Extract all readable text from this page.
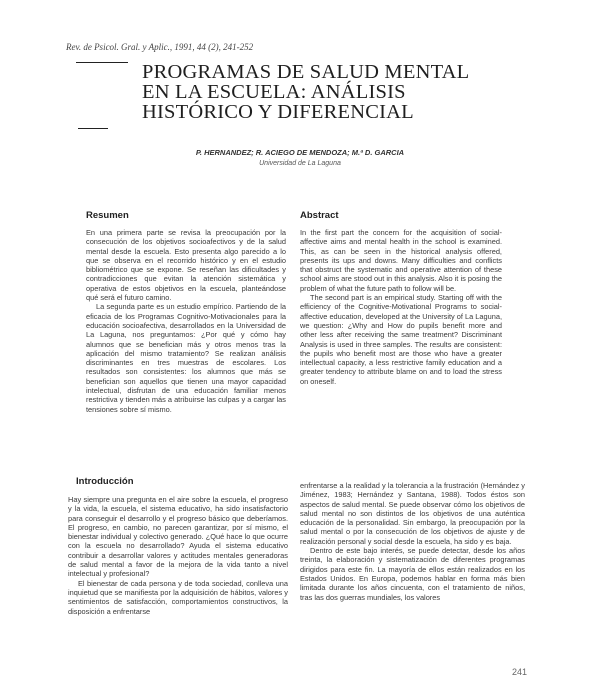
Rev. de Psicol. Gral. y Aplic., 1991, 44 (2), 241-252
PROGRAMAS DE SALUD MENTAL
EN LA ESCUELA: ANÁLISIS
HISTÓRICO Y DIFERENCIAL
P. HERNANDEZ; R. ACIEGO DE MENDOZA; M.ª D. GARCIA
Universidad de La Laguna
Resumen

En una primera parte se revisa la preocupación por la consecución de los objetivos socioafectivos y de la salud mental desde la escuela. Esto presenta algo parecido a lo que se observa en el recorrido histórico y en el estudio bibliométrico que se expone. Se reseñan las dificultades y contradicciones que evitan la atención sistemática y operativa de estos objetivos en la escuela, planteándose qué será el futuro camino.

La segunda parte es un estudio empírico. Partiendo de la eficacia de los Programas Cognitivo-Motivacionales para la educación socioafectiva, desarrollados en la Universidad de La Laguna, nos preguntamos: ¿Por qué y cómo hay alumnos que se benefician más y otros menos tras la aplicación del mismo tratamiento? Se realizan análisis discriminantes en tres muestras de escolares. Los resultados son consistentes: los alumnos que más se benefician son aquellos que tienen una mayor capacidad intelectual, disfrutan de una educación familiar menos restrictiva y tienden más a atribuirse las culpas y a cargar las tensiones sobre sí mismo.

Abstract

In the first part the concern for the acquisition of social-affective aims and mental health in the school is examined. This, as can be seen in the historical analysis offered, presents its ups and downs. Many difficulties and conflicts that obstruct the systematic and operative attention of these school aims are stood out in this analysis. Also it is posing the problem of what the future path to follow will be.

The second part is an empirical study. Starting off with the efficiency of the Cognitive-Motivational Programs to social-affective education, developed at the University of La Laguna, we question: ¿Why and How do pupils benefit more and other less after receiving the same treatment? Discriminant Analysis is used in three samples. The results are consistent: the pupils who benefit most are those who have a greater intellectual capacity, a less restrictive family education and a greater tendency to attribute blame on and to load the stress on oneself.

Introducción

Hay siempre una pregunta en el aire sobre la escuela, el progreso y la vida, la escuela, el sistema educativo, ha sido insatisfactorio para conseguir el desarrollo y el progreso básico que deberíamos. El progreso, en cambio, no parecen garantizar, por sí mismo, el bienestar individual y colectivo generado. ¿Qué hace lo que ocurre con la escuela no desarrollado? Ayuda el sistema educativo contribuir a desarrollar valores y actitudes mentales generadoras de salud mental a favor de la mejora de la vida tanto a nivel intelectual y profesional?

El bienestar de cada persona y de toda sociedad, conlleva una inquietud que se manifiesta por la adquisición de hábitos, valores y sentimientos de satisfacción, comportamientos constructivos, la disposición a enfrentarse

enfrentarse a la realidad y la tolerancia a la frustración (Hernández y Jiménez, 1983; Hernández y Santana, 1988). Todos éstos son aspectos de salud mental. Se puede observar cómo los objetivos de salud mental no son distintos de los objetivos de una auténtica educación de la personalidad. Sin embargo, la preocupación por la salud mental o por la consecución de los objetivos de ajuste y de realización personal y social desde la escuela, ha sido y es baja.

Dentro de este bajo interés, se puede detectar, desde los años treinta, la elaboración y sistematización de diferentes programas dirigidos para este fin. La mayoría de ellos están realizados en los Estados Unidos. En Europa, podemos hablar en forma más bien limitada durante los años cincuenta, con el tratamiento de niños, tras las dos guerras mundiales, los valores

241
